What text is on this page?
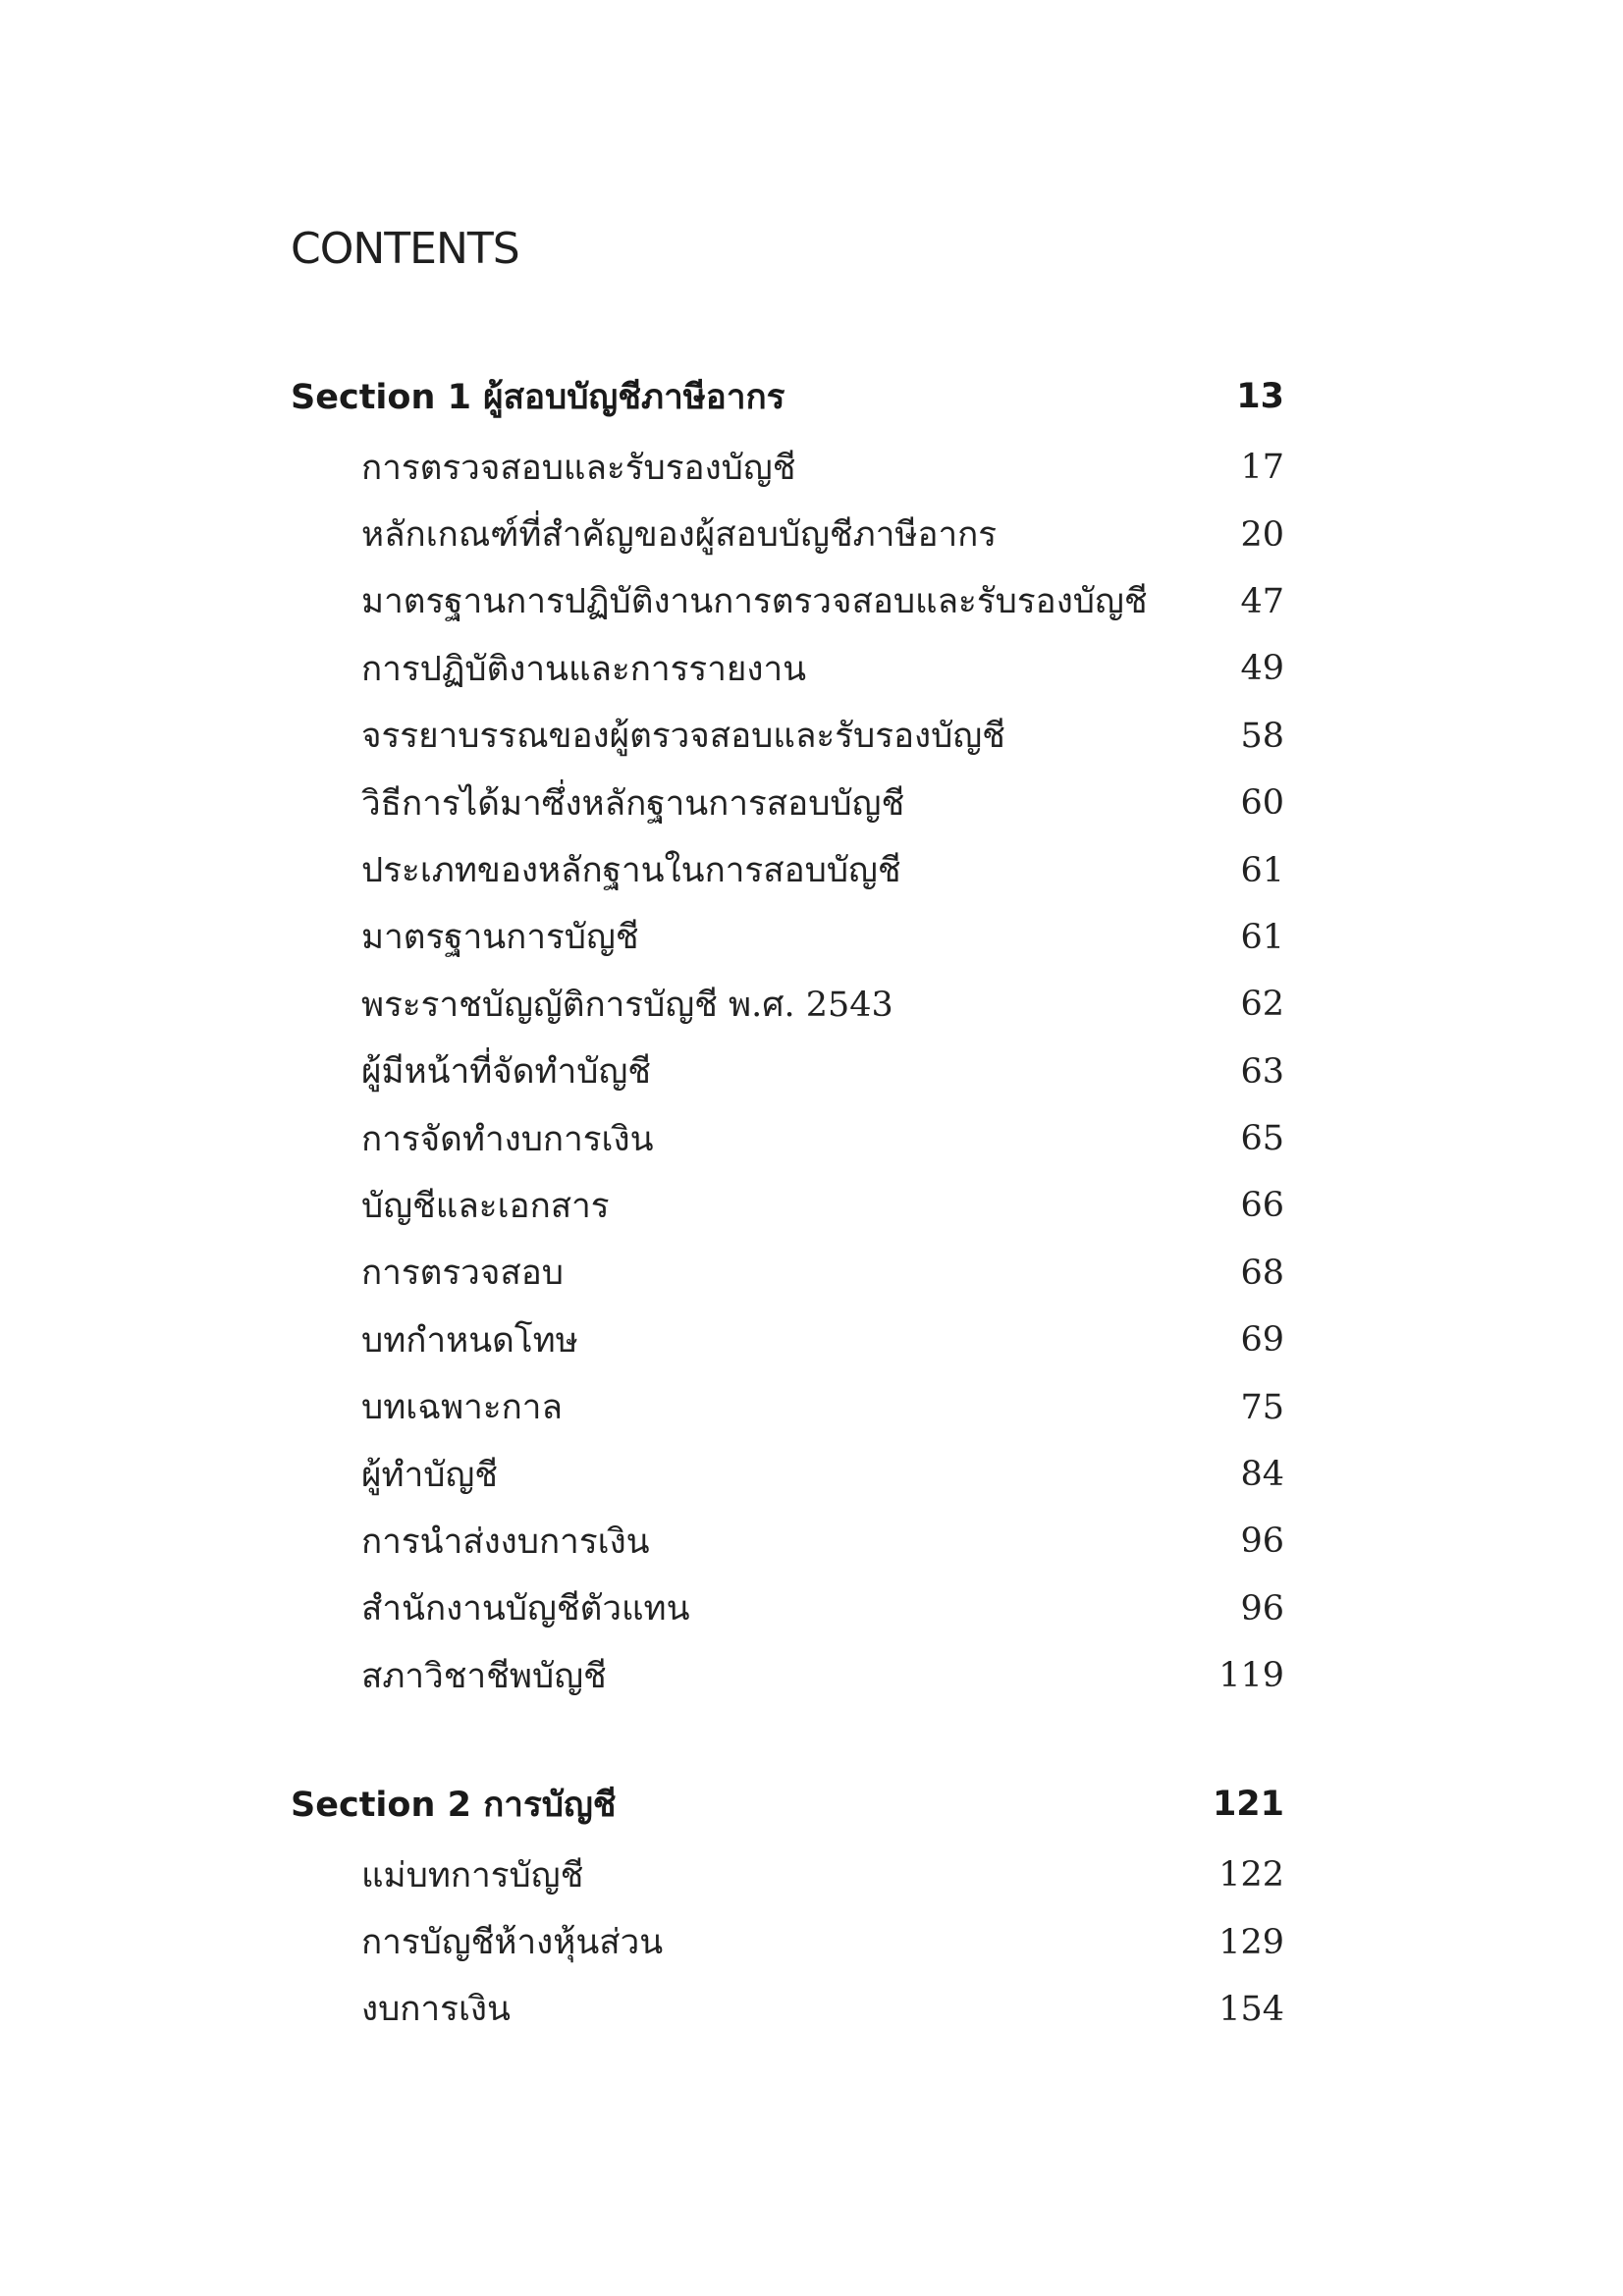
CONTENTS
Section 1 ผู้สอบบัญชีภาษีอากร	13
การตรวจสอบและรับรองบัญชี	17
หลักเกณฑ์ที่สำคัญของผู้สอบบัญชีภาษีอากร	20
มาตรฐานการปฏิบัติงานการตรวจสอบและรับรองบัญชี	47
การปฏิบัติงานและการรายงาน	49
จรรยาบรรณของผู้ตรวจสอบและรับรองบัญชี	58
วิธีการได้มาซึ่งหลักฐานการสอบบัญชี	60
ประเภทของหลักฐานในการสอบบัญชี	61
มาตรฐานการบัญชี	61
พระราชบัญญัติการบัญชี พ.ศ. 2543	62
ผู้มีหน้าที่จัดทำบัญชี	63
การจัดทำงบการเงิน	65
บัญชีและเอกสาร	66
การตรวจสอบ	68
บทกำหนดโทษ	69
บทเฉพาะกาล	75
ผู้ทำบัญชี	84
การนำส่งงบการเงิน	96
สำนักงานบัญชีตัวแทน	96
สภาวิชาชีพบัญชี	119
Section 2 การบัญชี	121
แม่บทการบัญชี	122
การบัญชีห้างหุ้นส่วน	129
งบการเงิน	154
